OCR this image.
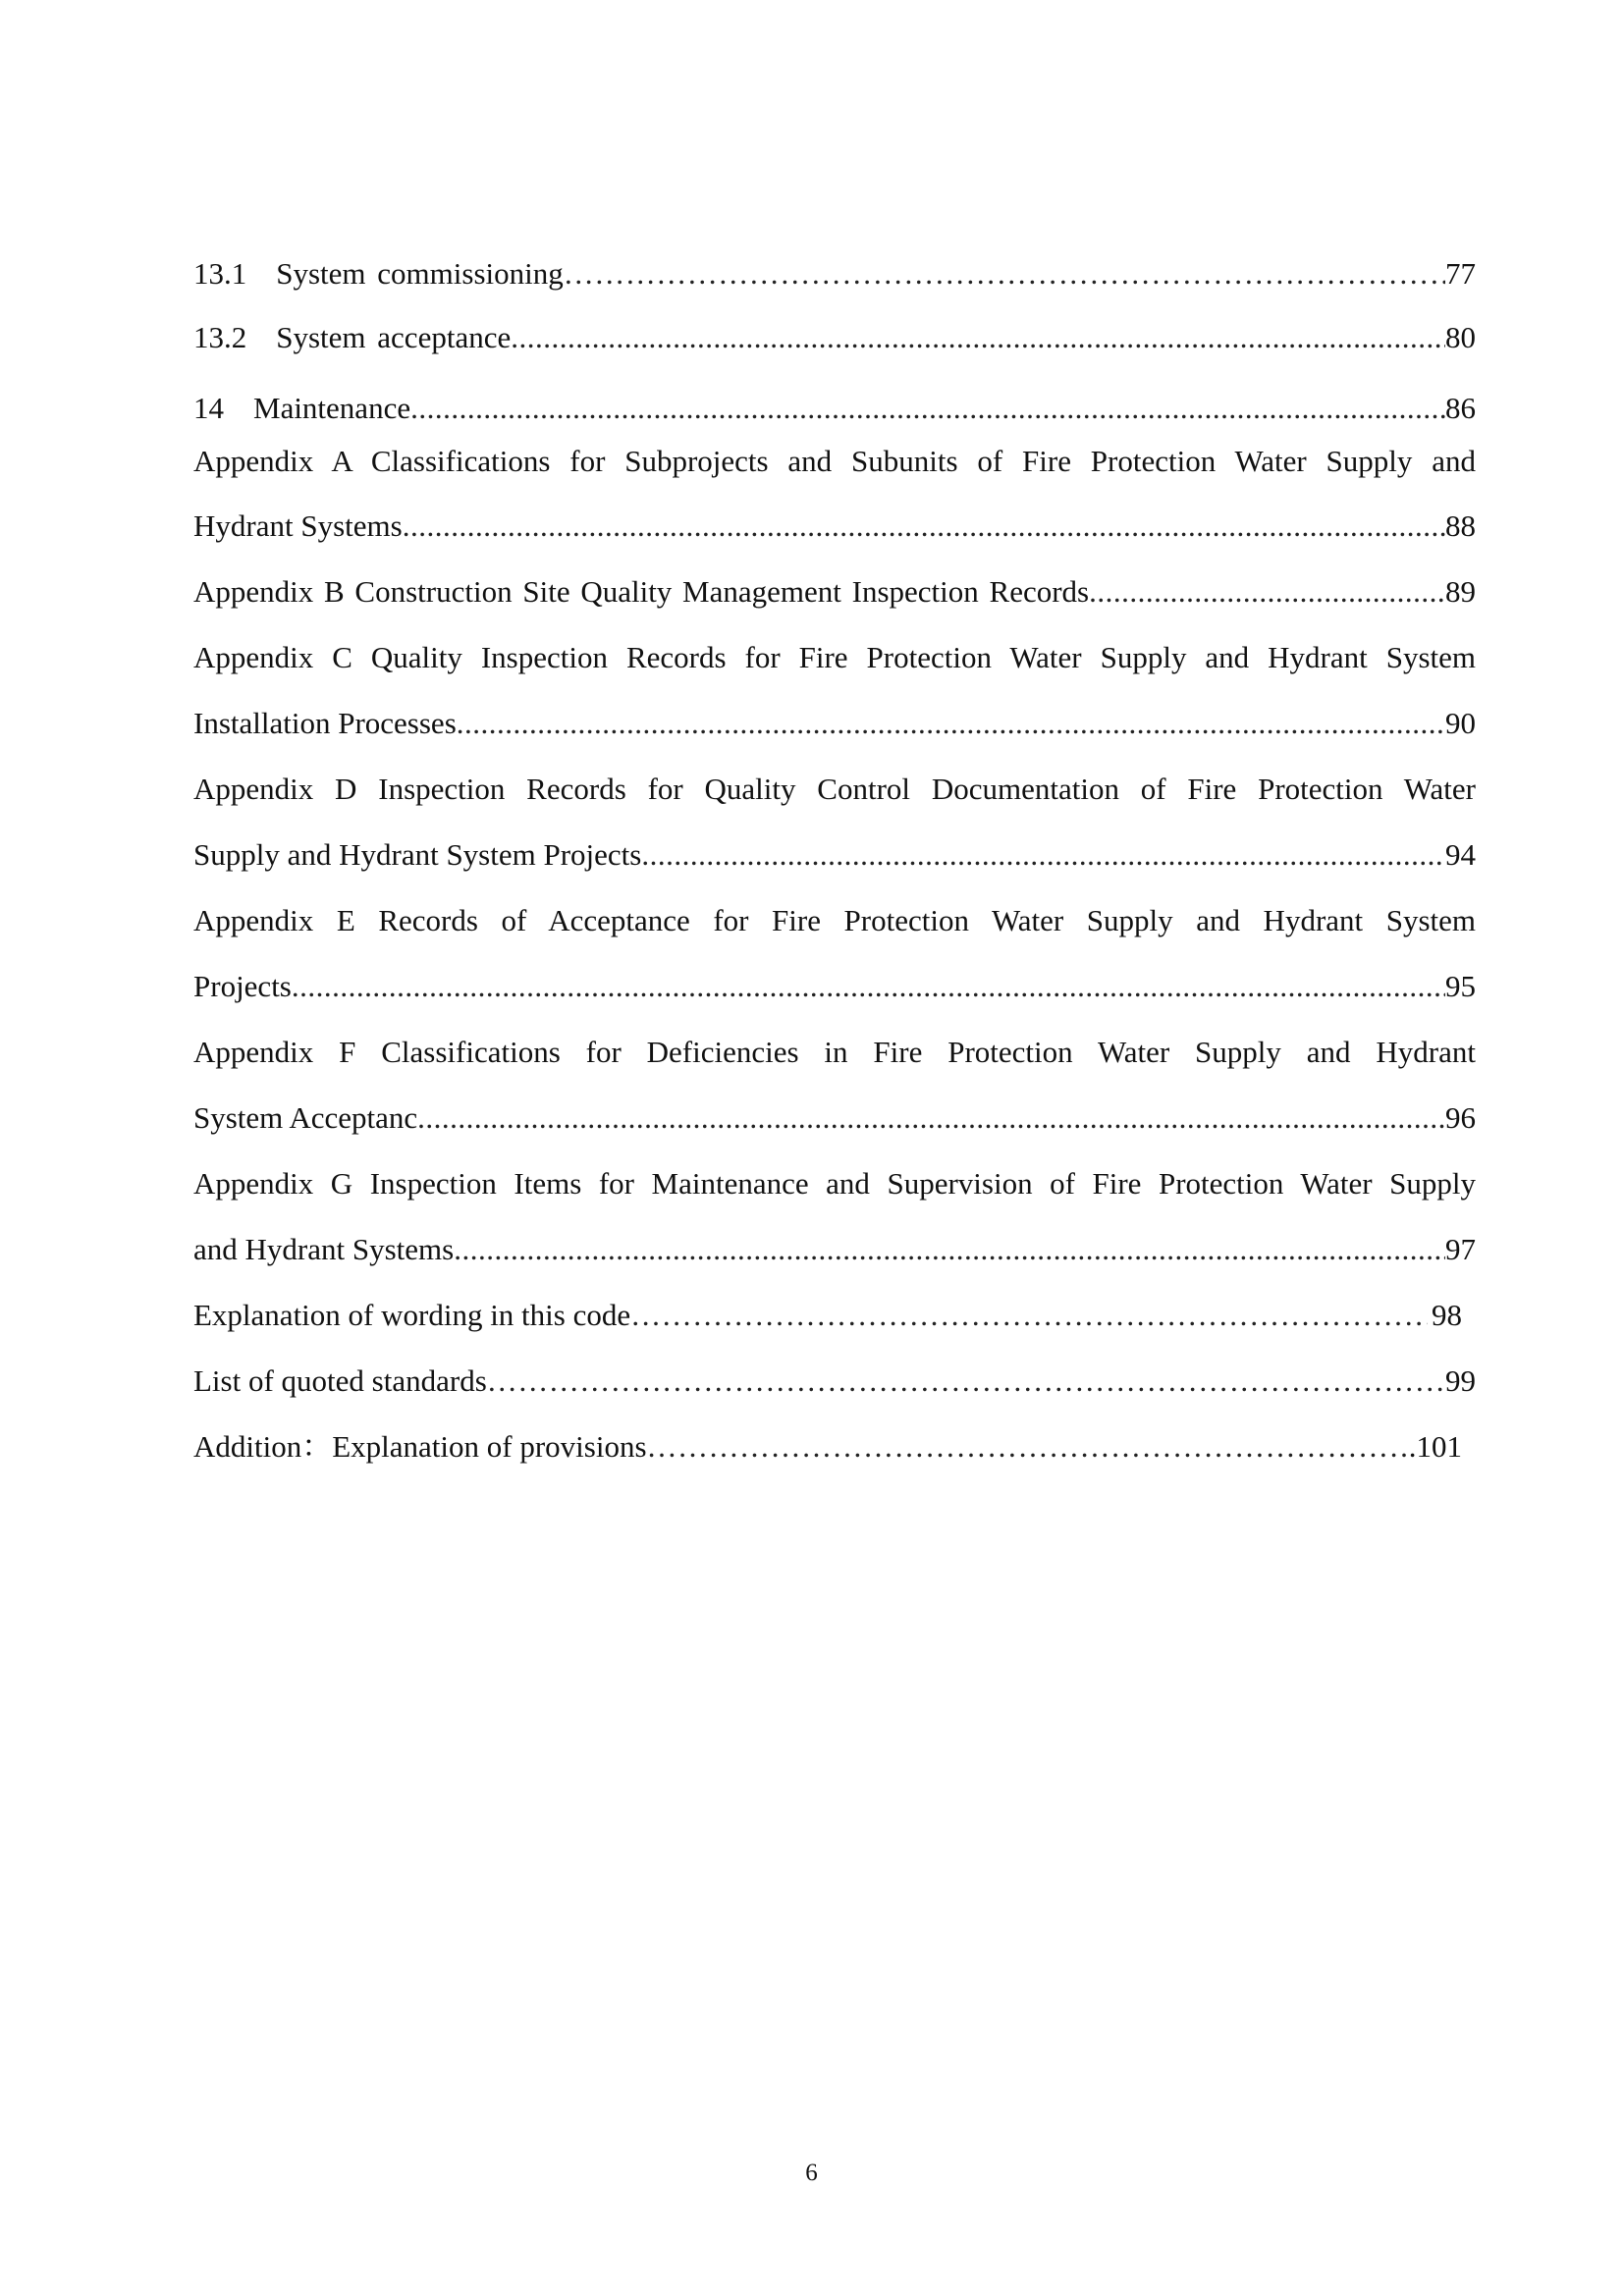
13.1 System commissioning …………………………………………………………………………………………………………………………………………………………………………………	77
13.2 System acceptance .....	80
14 Maintenance .....	86
Appendix A Classifications for Subprojects and Subunits of Fire Protection Water Supply and
Hydrant Systems .....	88
Appendix B Construction Site Quality Management Inspection Records .....	89
Appendix C Quality Inspection Records for Fire Protection Water Supply and Hydrant System
Installation Processes .....	90
Appendix D Inspection Records for Quality Control Documentation of Fire Protection Water
Supply and Hydrant System Projects .....	94
Appendix E Records of Acceptance for Fire Protection Water Supply and Hydrant System
Projects .....	95
Appendix F Classifications for Deficiencies in Fire Protection Water Supply and Hydrant
System Acceptanc .....	96
Appendix G Inspection Items for Maintenance and Supervision of Fire Protection Water Supply
and Hydrant Systems .....	97
Explanation of wording in this code …………………………………………………………………………………………………………………………………………………………………………………	98
List of quoted standards …………………………………………………………………………………………………………………………………………………………………………………	99
Addition：Explanation of provisions …………………………………………………………………………………………………………………………………………………………………………………	.101
6
